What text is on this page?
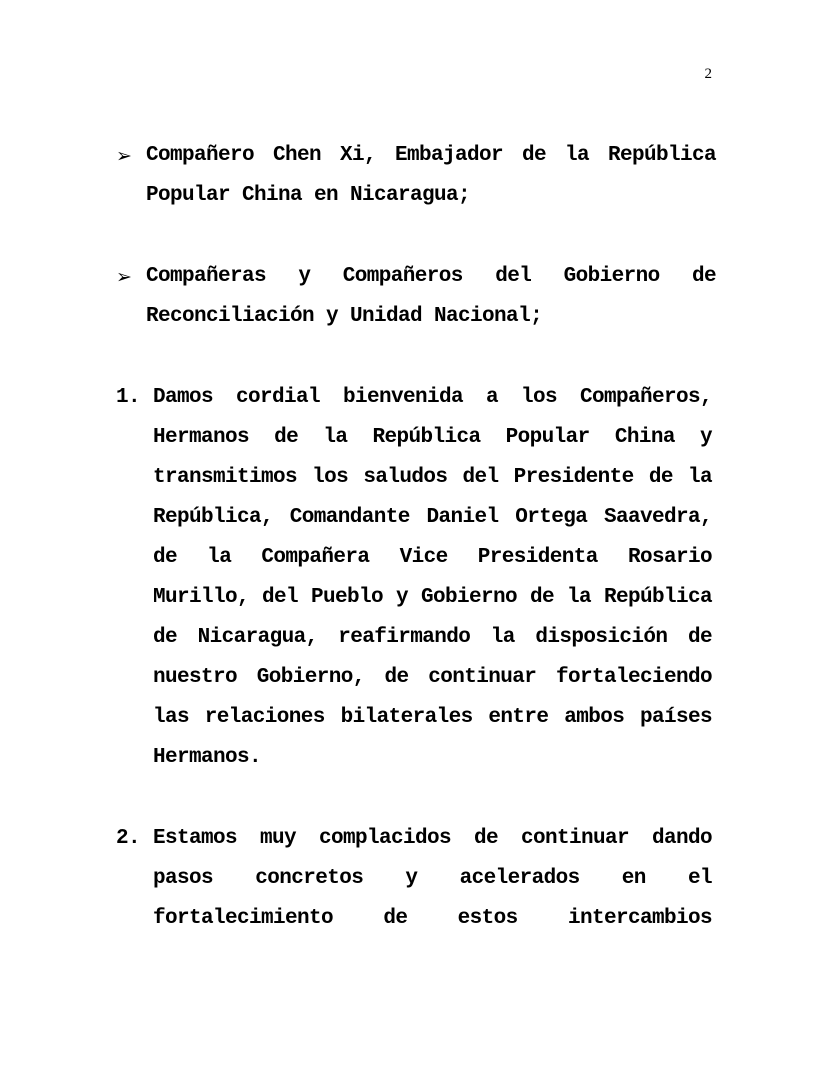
2
➢ Compañero Chen Xi, Embajador de la República Popular China en Nicaragua;
➢ Compañeras y Compañeros del Gobierno de Reconciliación y Unidad Nacional;
1. Damos cordial bienvenida a los Compañeros, Hermanos de la República Popular China y transmitimos los saludos del Presidente de la República, Comandante Daniel Ortega Saavedra, de la Compañera Vice Presidenta Rosario Murillo, del Pueblo y Gobierno de la República de Nicaragua, reafirmando la disposición de nuestro Gobierno, de continuar fortaleciendo las relaciones bilaterales entre ambos países Hermanos.
2. Estamos muy complacidos de continuar dando pasos concretos y acelerados en el fortalecimiento de estos intercambios
